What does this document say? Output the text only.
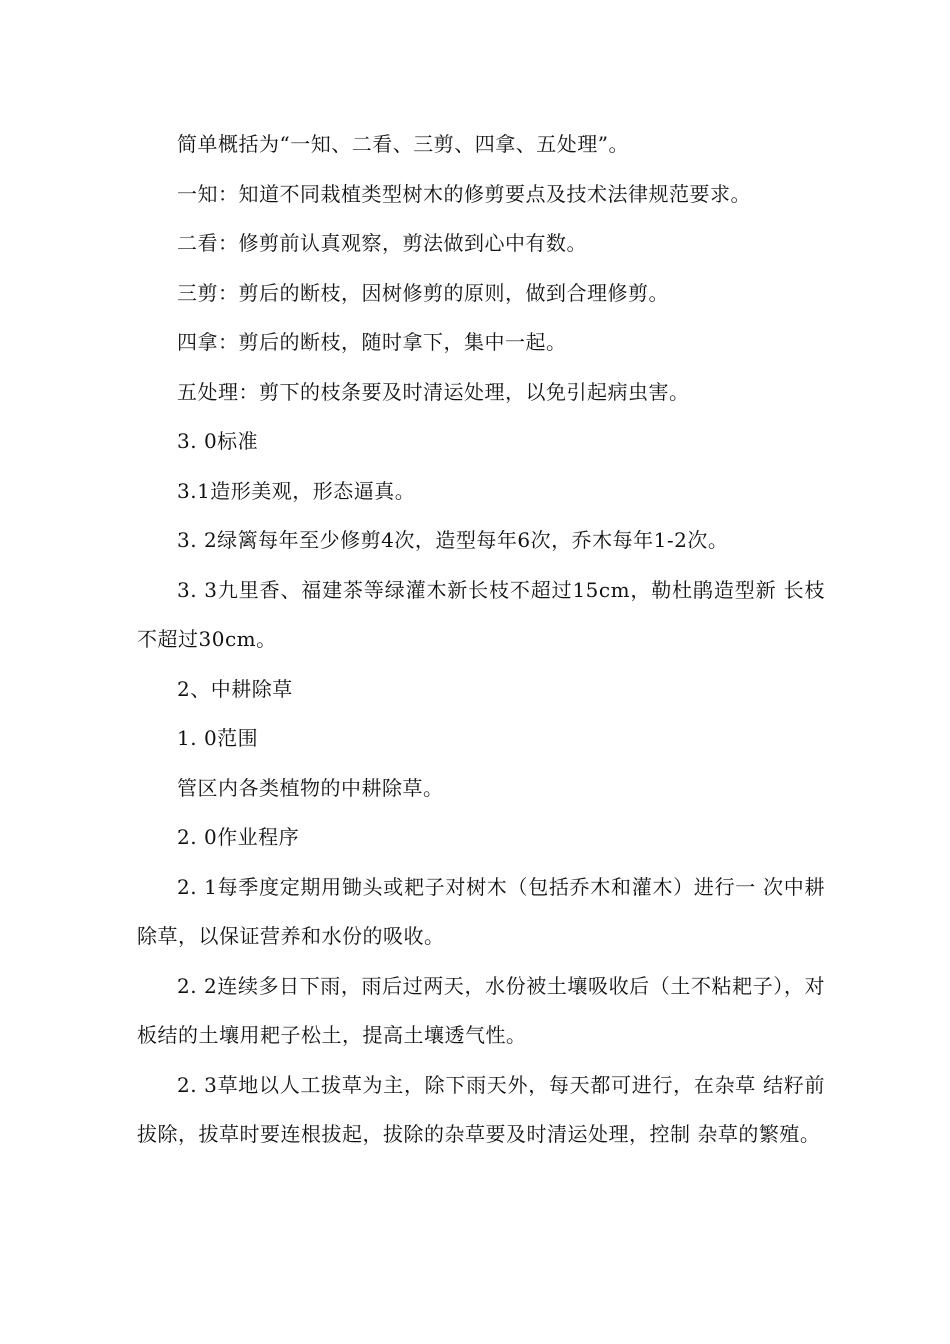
简单概括为“一知、二看、三剪、四拿、五处理”。

一知：知道不同栽植类型树木的修剪要点及技术法律规范要求。

二看：修剪前认真观察，剪法做到心中有数。

三剪：剪后的断枝，因树修剪的原则，做到合理修剪。

四拿：剪后的断枝，随时拿下，集中一起。

五处理：剪下的枝条要及时清运处理，以免引起病虫害。

3. 0标准

3.1造形美观，形态逼真。

3. 2绿篱每年至少修剪4次，造型每年6次，乔木每年1-2次。

3. 3九里香、福建茶等绿灌木新长枝不超过15cm，勒杜鹃造型新 长枝不超过30cm。

2、中耕除草

1. 0范围

管区内各类植物的中耕除草。

2. 0作业程序

2. 1每季度定期用锄头或耙子对树木（包括乔木和灌木）进行一 次中耕除草，以保证营养和水份的吸收。

2. 2连续多日下雨，雨后过两天，水份被土壤吸收后（土不粘耙子），对板结的土壤用耙子松土，提高土壤透气性。

2. 3草地以人工拔草为主，除下雨天外，每天都可进行，在杂草 结籽前拔除，拔草时要连根拔起，拔除的杂草要及时清运处理，控制 杂草的繁殖。
